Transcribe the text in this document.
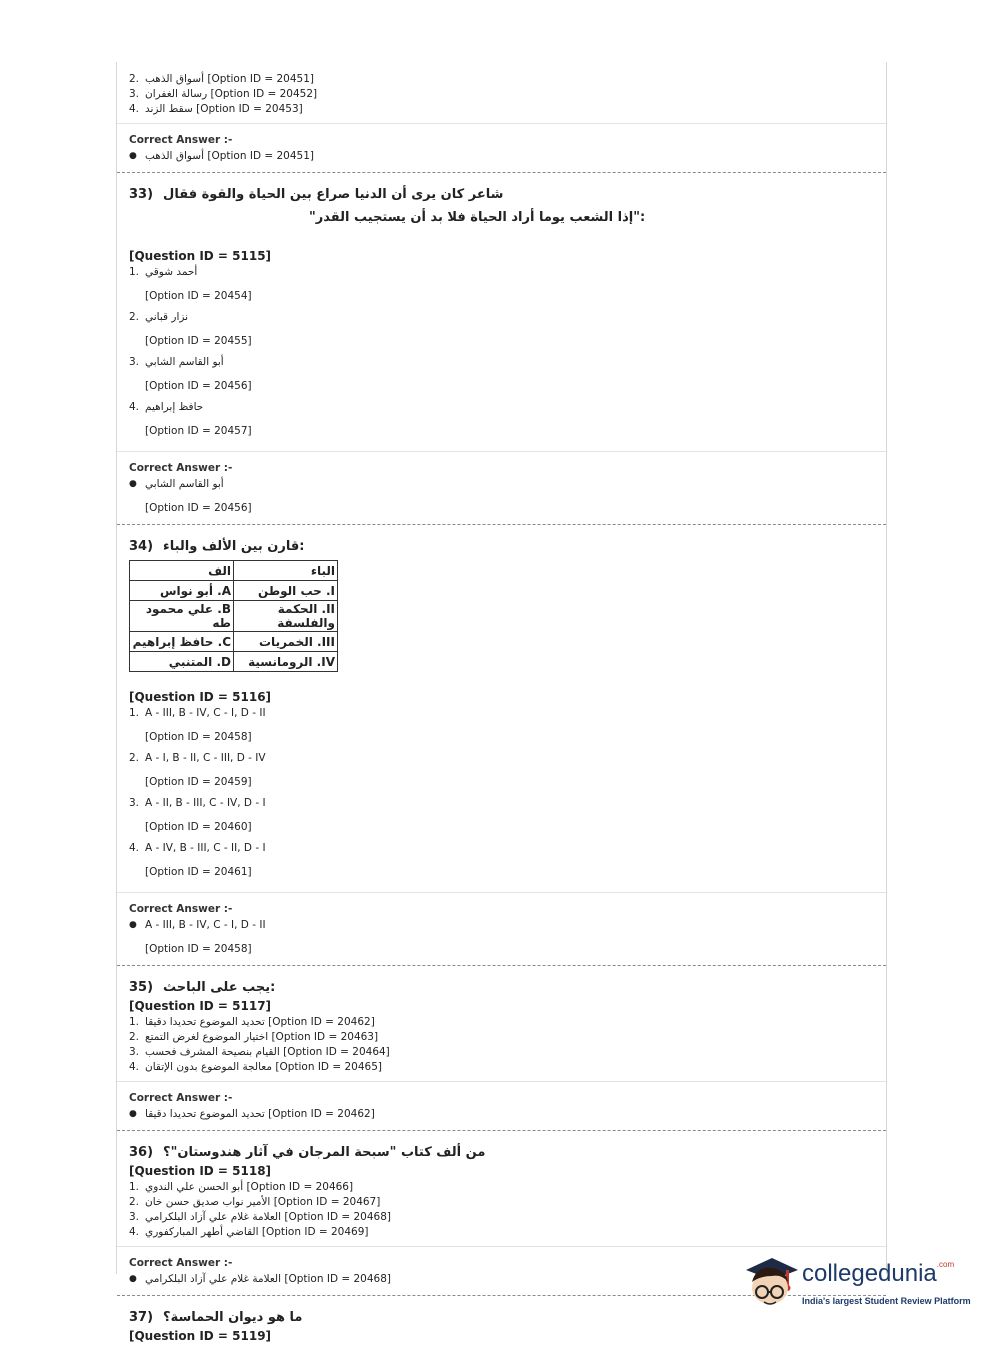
2. أسواق الذهب [Option ID = 20451]
3. رسالة الغفران [Option ID = 20452]
4. سقط الزند [Option ID = 20453]
Correct Answer :-
● أسواق الذهب [Option ID = 20451]
33) شاعر كان يرى أن الدنيا صراع بين الحياة والقوة فقال
"إذا الشعب يوما أراد الحياة فلا بد أن يستجيب القدر":
[Question ID = 5115]
1. أحمد شوقي
[Option ID = 20454]
2. نزار قباني
[Option ID = 20455]
3. أبو القاسم الشابي
[Option ID = 20456]
4. حافظ إبراهيم
[Option ID = 20457]
Correct Answer :-
● أبو القاسم الشابي
[Option ID = 20456]
34) قارن بين الألف والباء:
الف	الباء
A. أبو نواس	I. حب الوطن
B. علي محمود طه	II. الحكمة والفلسفة
C. حافظ إبراهيم	III. الخمريات
D. المتنبي	IV. الرومانسية
[Question ID = 5116]
1. A - III, B - IV, C - I, D - II
[Option ID = 20458]
2. A - I, B - II, C - III, D - IV
[Option ID = 20459]
3. A - II, B - III, C - IV, D - I
[Option ID = 20460]
4. A - IV, B - III, C - II, D - I
[Option ID = 20461]
Correct Answer :-
● A - III, B - IV, C - I, D - II
[Option ID = 20458]
35) يجب على الباحث:
[Question ID = 5117]
1. تحديد الموضوع تحديدا دقيقا [Option ID = 20462]
2. اختيار الموضوع لغرض التمتع [Option ID = 20463]
3. القيام بنصيحة المشرف فحسب [Option ID = 20464]
4. معالجة الموضوع بدون الإتقان [Option ID = 20465]
Correct Answer :-
● تحديد الموضوع تحديدا دقيقا [Option ID = 20462]
36) من ألف كتاب "سبحة المرجان في آثار هندوستان"؟
[Question ID = 5118]
1. أبو الحسن علي الندوي [Option ID = 20466]
2. الأمير نواب صديق حسن خان [Option ID = 20467]
3. العلامة غلام علي آزاد البلكرامي [Option ID = 20468]
4. القاضي أطهر المباركفوري [Option ID = 20469]
Correct Answer :-
● العلامة غلام علي آزاد البلكرامي [Option ID = 20468]
37) ما هو ديوان الحماسة؟
[Question ID = 5119]
collegedunia$^{.com}$
India's largest Student Review Platform
